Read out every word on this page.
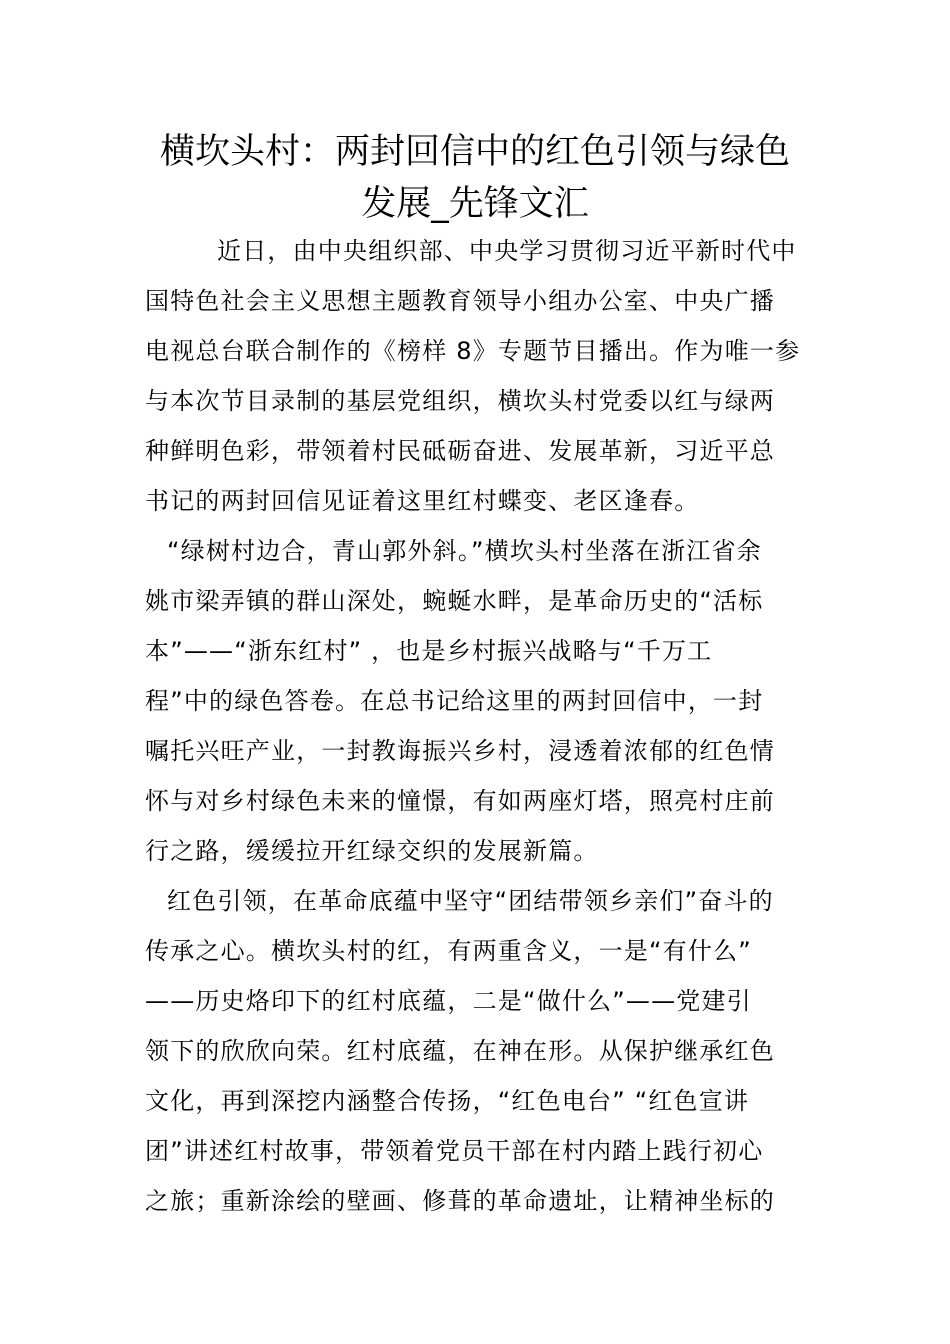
横坎头村：两封回信中的红色引领与绿色
发展_先锋文汇

近日，由中央组织部、中央学习贯彻习近平新时代中
国特色社会主义思想主题教育领导小组办公室、中央广播
电视总台联合制作的《榜样 8》专题节目播出。作为唯一参
与本次节目录制的基层党组织，横坎头村党委以红与绿两
种鲜明色彩，带领着村民砥砺奋进、发展革新，习近平总
书记的两封回信见证着这里红村蝶变、老区逢春。

“绿树村边合，青山郭外斜。”横坎头村坐落在浙江省余
姚市梁弄镇的群山深处，蜿蜒水畔，是革命历史的“活标
本”——“浙东红村” ，也是乡村振兴战略与“千万工
程”中的绿色答卷。在总书记给这里的两封回信中，一封
嘱托兴旺产业，一封教诲振兴乡村，浸透着浓郁的红色情
怀与对乡村绿色未来的憧憬，有如两座灯塔，照亮村庄前
行之路，缓缓拉开红绿交织的发展新篇。

红色引领，在革命底蕴中坚守“团结带领乡亲们”奋斗的
传承之心。横坎头村的红，有两重含义，一是“有什么”
——历史烙印下的红村底蕴，二是“做什么”——党建引
领下的欣欣向荣。红村底蕴，在神在形。从保护继承红色
文化，再到深挖内涵整合传扬，“红色电台” “红色宣讲
团”讲述红村故事，带领着党员干部在村内踏上践行初心
之旅；重新涂绘的壁画、修葺的革命遗址，让精神坐标的
